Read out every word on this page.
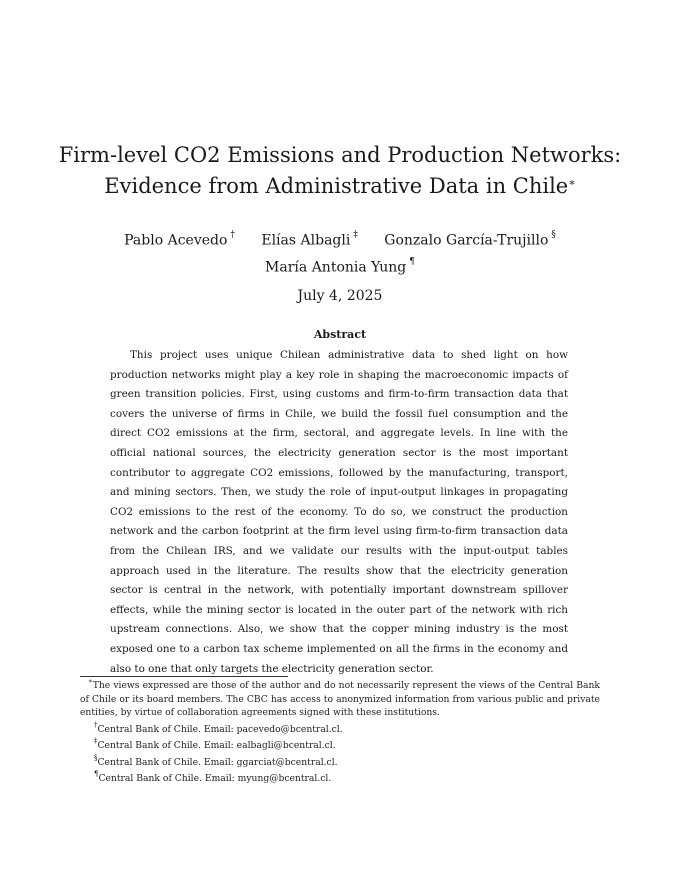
Firm-level CO2 Emissions and Production Networks:
Evidence from Administrative Data in Chile∗
Pablo Acevedo † Elías Albagli ‡ Gonzalo García-Trujillo §
María Antonia Yung ¶
July 4, 2025
Abstract

This project uses unique Chilean administrative data to shed light on how production networks might play a key role in shaping the macroeconomic impacts of green transition policies. First, using customs and firm-to-firm transaction data that covers the universe of firms in Chile, we build the fossil fuel consumption and the direct CO2 emissions at the firm, sectoral, and aggregate levels. In line with the official national sources, the electricity generation sector is the most important contributor to aggregate CO2 emissions, followed by the manufacturing, transport, and mining sectors. Then, we study the role of input-output linkages in propagating CO2 emissions to the rest of the economy. To do so, we construct the production network and the carbon footprint at the firm level using firm-to-firm transaction data from the Chilean IRS, and we validate our results with the input-output tables approach used in the literature. The results show that the electricity generation sector is central in the network, with potentially important downstream spillover effects, while the mining sector is located in the outer part of the network with rich upstream connections. Also, we show that the copper mining industry is the most exposed one to a carbon tax scheme implemented on all the firms in the economy and also to one that only targets the electricity generation sector.

∗The views expressed are those of the author and do not necessarily represent the views of the Central Bank of Chile or its board members. The CBC has access to anonymized information from various public and private entities, by virtue of collaboration agreements signed with these institutions.

†Central Bank of Chile. Email: pacevedo@bcentral.cl.

‡Central Bank of Chile. Email: ealbagli@bcentral.cl.

§Central Bank of Chile. Email: ggarciat@bcentral.cl.

¶Central Bank of Chile. Email: myung@bcentral.cl.
